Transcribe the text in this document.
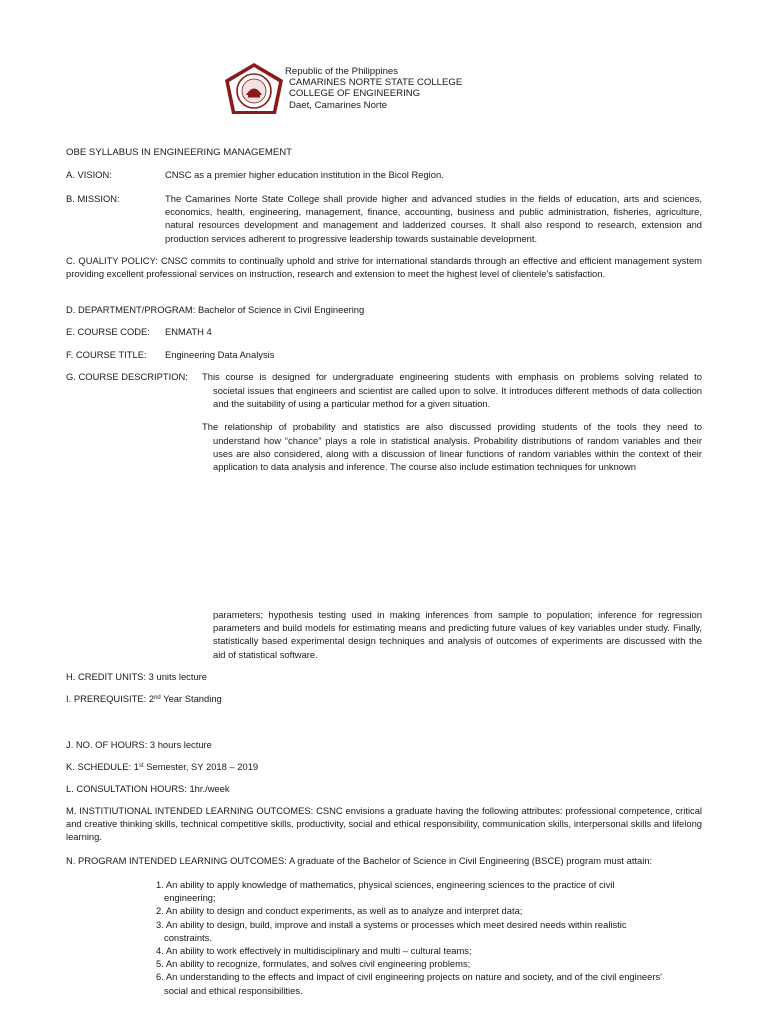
Republic of the Philippines
CAMARINES NORTE STATE COLLEGE
COLLEGE OF ENGINEERING
Daet, Camarines Norte
OBE SYLLABUS IN ENGINEERING MANAGEMENT
A. VISION:	CNSC as a premier higher education institution in the Bicol Region.
B. MISSION:	The Camarines Norte State College shall provide higher and advanced studies in the fields of education, arts and sciences, economics, health, engineering, management, finance, accounting, business and public administration, fisheries, agriculture, natural resources development and management and ladderized courses. It shall also respond to research, extension and production services adherent to progressive leadership towards sustainable development.
C. QUALITY POLICY: CNSC commits to continually uphold and strive for international standards through an effective and efficient management system providing excellent professional services on instruction, research and extension to meet the highest level of clientele's satisfaction.
D. DEPARTMENT/PROGRAM: Bachelor of Science in Civil Engineering
E. COURSE CODE: ENMATH 4
F. COURSE TITLE: Engineering Data Analysis
G. COURSE DESCRIPTION: This course is designed for undergraduate engineering students with emphasis on problems solving related to
societal issues that engineers and scientist are called upon to solve. It introduces different methods of data collection and the suitability of using a particular method for a given situation.
The relationship of probability and statistics are also discussed providing students of the tools they need to
understand how “chance” plays a role in statistical analysis. Probability distributions of random variables and their uses are also considered, along with a discussion of linear functions of random variables within the context of their application to data analysis and inference. The course also include estimation techniques for unknown
parameters; hypothesis testing used in making inferences from sample to population; inference for regression parameters and build models for estimating means and predicting future values of key variables under study. Finally, statistically based experimental design techniques and analysis of outcomes of experiments are discussed with the aid of statistical software.
H. CREDIT UNITS: 3 units lecture
I. PREREQUISITE: 2nd Year Standing
J. NO. OF HOURS: 3 hours lecture
K. SCHEDULE: 1st Semester, SY 2018 – 2019
L. CONSULTATION HOURS: 1hr./week
M. INSTITIUTIONAL INTENDED LEARNING OUTCOMES: CSNC envisions a graduate having the following attributes: professional competence, critical and creative thinking skills, technical competitive skills, productivity, social and ethical responsibility, communication skills, interpersonal skills and lifelong learning.
N. PROGRAM INTENDED LEARNING OUTCOMES: A graduate of the Bachelor of Science in Civil Engineering (BSCE) program must attain:
1. An ability to apply knowledge of mathematics, physical sciences, engineering sciences to the practice of civil
engineering;
2. An ability to design and conduct experiments, as well as to analyze and interpret data;
3. An ability to design, build, improve and install a systems or processes which meet desired needs within realistic
constraints.
4. An ability to work effectively in multidisciplinary and multi – cultural teams;
5. An ability to recognize, formulates, and solves civil engineering problems;
6. An understanding to the effects and impact of civil engineering projects on nature and society, and of the civil engineers'
social and ethical responsibilities.
